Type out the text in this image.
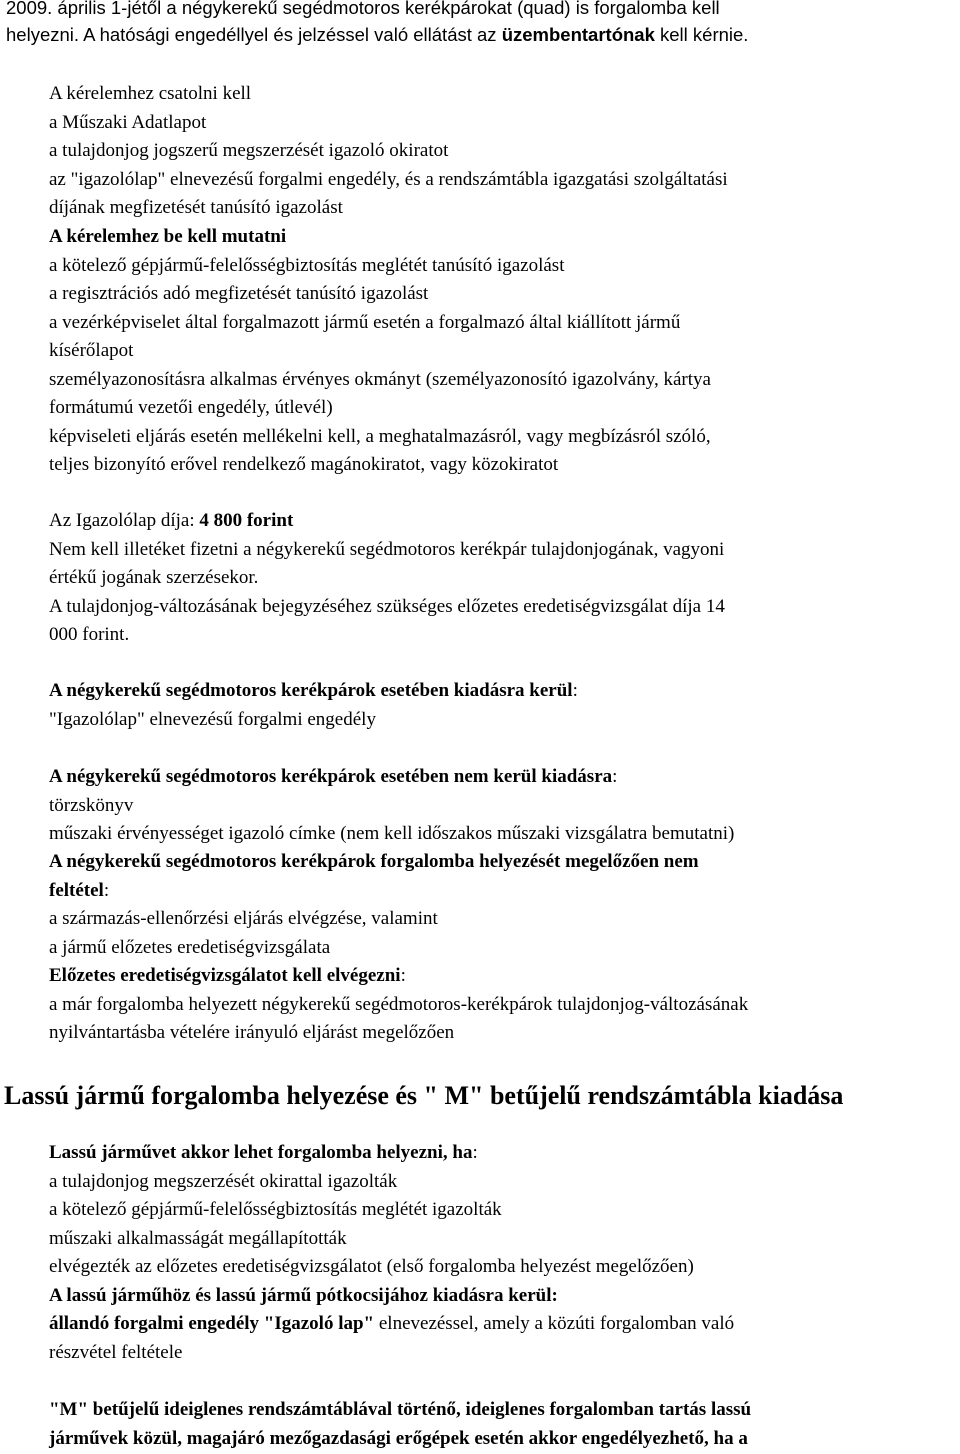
2009. április 1-jétől a négykerekű segédmotoros kerékpárokat (quad) is forgalomba kell
helyezni. A hatósági engedéllyel és jelzéssel való ellátást az üzembentartónak kell kérnie.
A kérelemhez csatolni kell
a Műszaki Adatlapot
a tulajdonjog jogszerű megszerzését igazoló okiratot
az "igazolólap" elnevezésű forgalmi engedély, és a rendszámtábla igazgatási szolgáltatási
díjának megfizetését tanúsító igazolást
A kérelemhez be kell mutatni
a kötelező gépjármű-felelősségbiztosítás meglétét tanúsító igazolást
a regisztrációs adó megfizetését tanúsító igazolást
a vezérképviselet által forgalmazott jármű esetén a forgalmazó által kiállított jármű
kísérőlapot
személyazonosításra alkalmas érvényes okmányt (személyazonosító igazolvány, kártya
formátumú vezetői engedély, útlevél)
képviseleti eljárás esetén mellékelni kell, a meghatalmazásról, vagy megbízásról szóló,
teljes bizonyító erővel rendelkező magánokiratot, vagy közokiratot
Az Igazolólap díja: 4 800 forint
Nem kell illetéket fizetni a négykerekű segédmotoros kerékpár tulajdonjogának, vagyoni
értékű jogának szerzésekor.
A tulajdonjog-változásának bejegyzéséhez szükséges előzetes eredetiségvizsgálat díja 14
000 forint.
A négykerekű segédmotoros kerékpárok esetében kiadásra kerül:
"Igazolólap" elnevezésű forgalmi engedély
A négykerekű segédmotoros kerékpárok esetében nem kerül kiadásra:
törzskönyv
műszaki érvényességet igazoló címke (nem kell időszakos műszaki vizsgálatra bemutatni)
A négykerekű segédmotoros kerékpárok forgalomba helyezését megelőzően nem
feltétel:
a származás-ellenőrzési eljárás elvégzése, valamint
a jármű előzetes eredetiségvizsgálata
Előzetes eredetiségvizsgálatot kell elvégezni:
a már forgalomba helyezett négykerekű segédmotoros-kerékpárok tulajdonjog-változásának
nyilvántartásba vételére irányuló eljárást megelőzően
Lassú jármű forgalomba helyezése és " M" betűjelű rendszámtábla kiadása
Lassú járművet akkor lehet forgalomba helyezni, ha:
a tulajdonjog megszerzését okirattal igazolták
a kötelező gépjármű-felelősségbiztosítás meglétét igazolták
műszaki alkalmasságát megállapították
elvégezték az előzetes eredetiségvizsgálatot (első forgalomba helyezést megelőzően)
A lassú járműhöz és lassú jármű pótkocsijához kiadásra kerül:
állandó forgalmi engedély "Igazoló lap" elnevezéssel, amely a közúti forgalomban való
részvétel feltétele
"M" betűjelű ideiglenes rendszámtáblával történő, ideiglenes forgalomban tartás lassú
járművek közül, magajáró mezőgazdasági erőgépek esetén akkor engedélyezhető, ha a
